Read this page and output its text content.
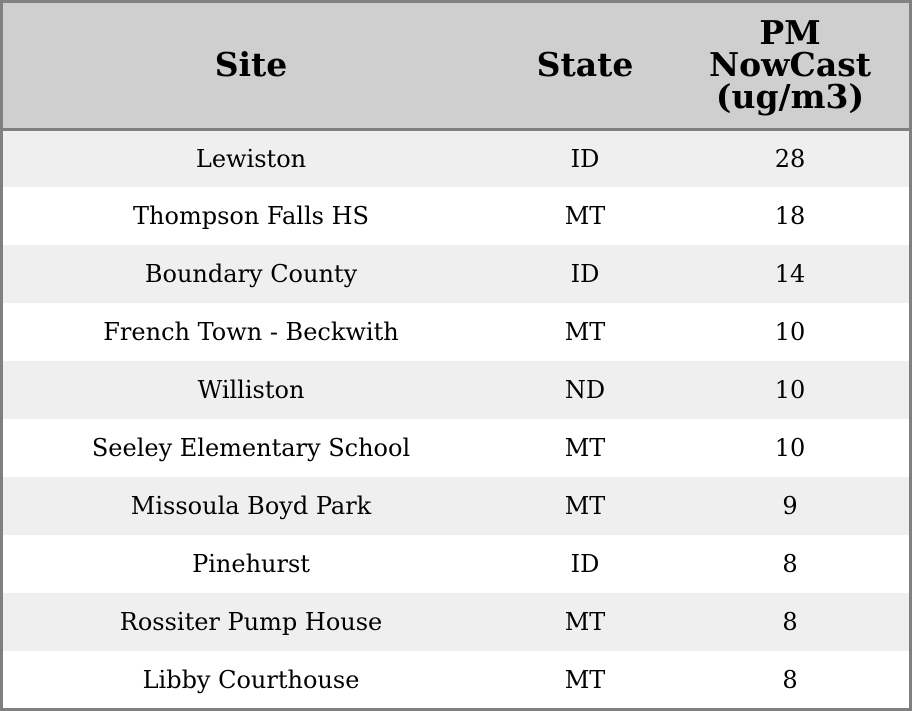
Site	State	PM
NowCast
(ug/m3)

Lewiston	ID	28
Thompson Falls HS	MT	18
Boundary County	ID	14
French Town - Beckwith	MT	10
Williston	ND	10
Seeley Elementary School	MT	10
Missoula Boyd Park	MT	9
Pinehurst	ID	8
Rossiter Pump House	MT	8
Libby Courthouse	MT	8
